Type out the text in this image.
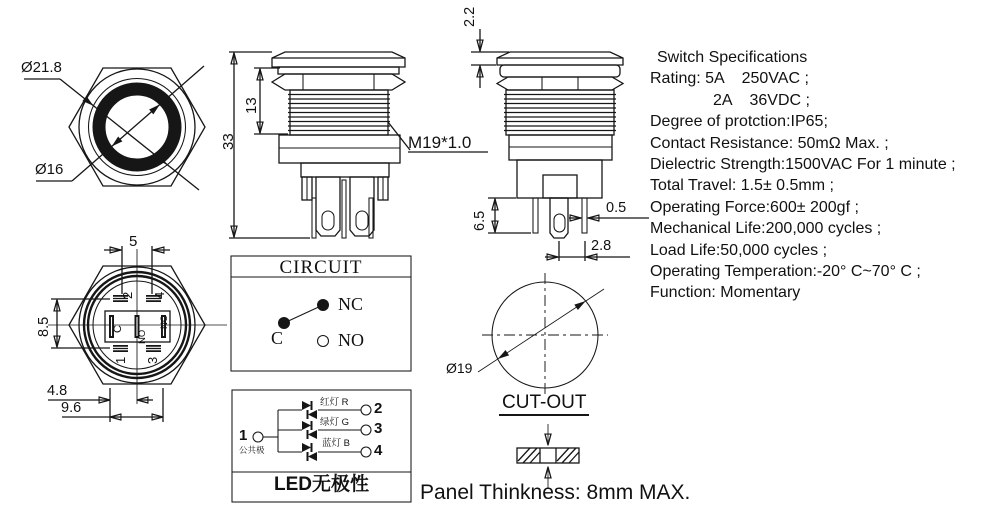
Ø21.8
Ø16
33
13
M19*1.0
2.2
6.5
0.5
2.8
5
8.5
4.8
9.6
2 4
1 3
C
NO
NC
Switch Specifications
Rating: 5A    250VAC ;
2A    36VDC ;
Degree of protction:IP65;
Contact Resistance: 50mΩ Max. ;
Dielectric Strength:1500VAC For 1 minute ;
Total Travel: 1.5± 0.5mm ;
Operating Force:600± 200gf ;
Mechanical Life:200,000 cycles ;
Load Life:50,000 cycles ;
Operating Temperation:-20° C~70° C ;
Function: Momentary
CIRCUIT
C
NC
NO
1
公共极
红灯 R
绿灯 G
蓝灯 B
2
3
4
LED无极性
Ø19
CUT-OUT
Panel Thinkness: 8mm MAX.
